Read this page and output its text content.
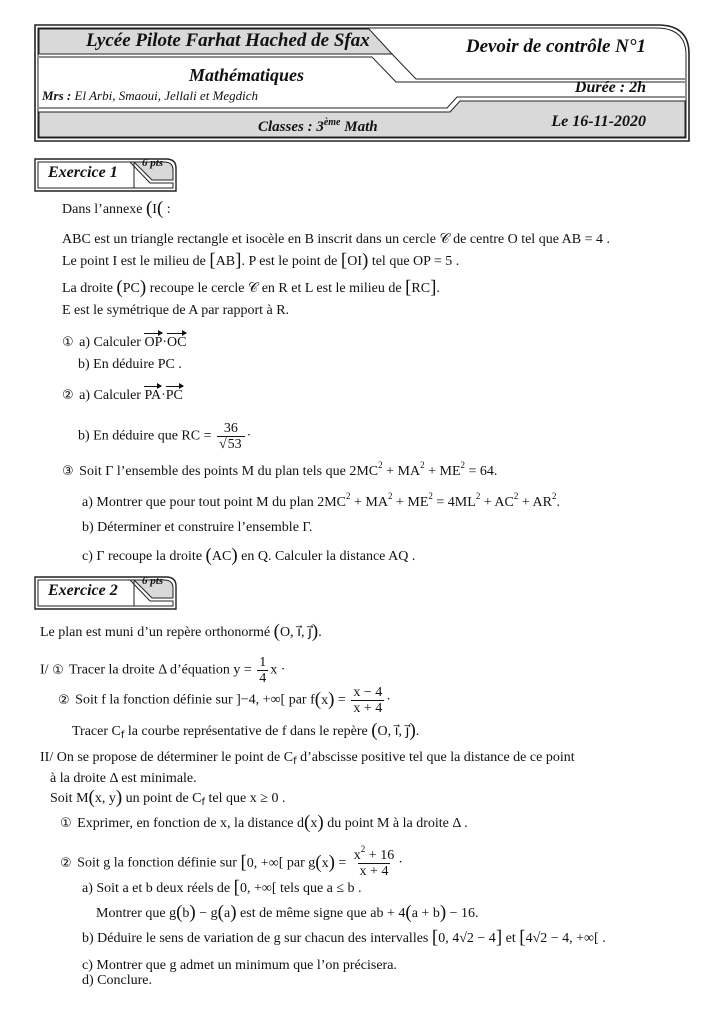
Lycée Pilote Farhat Hached de Sfax	Devoir de contrôle N°1
Mathématiques
Mrs : El Arbi, Smaoui, Jellali et Megdich	Durée : 2h
Classes : 3ème Math	Le 16-11-2020
Exercice 1
6 pts
Dans l’annexe (I( :
ABC est un triangle rectangle et isocèle en B inscrit dans un cercle 𝒞 de centre O tel que AB = 4 .
Le point I est le milieu de [AB]. P est le point de [OI) tel que OP = 5 .
La droite (PC) recoupe le cercle 𝒞 en R et L est le milieu de [RC].
E est le symétrique de A par rapport à R.
① a) Calculer OP·OC
b) En déduire PC .
② a) Calculer PA·PC
b) En déduire que RC = $\frac{36}{√53}$ ·
③ Soit Γ l’ensemble des points M du plan tels que $2MC^2 + MA^2 + ME^2 = 64$.
a) Montrer que pour tout point M du plan $2MC^2 + MA^2 + ME^2 = 4ML^2 + AC^2 + AR^2$.
b) Déterminer et construire l’ensemble Γ.
c) Γ recoupe la droite (AC) en Q. Calculer la distance AQ .
Exercice 2
6 pts
Le plan est muni d’un repère orthonormé (O, i⃗, j⃗).
I/ ① Tracer la droite Δ d’équation $y = \frac{1}{4}$ x ·
② Soit f la fonction définie sur ]−4, +∞[ par $f(x) = \frac{x - 4}{x + 4}$ ·
Tracer $C_f$ la courbe représentative de f dans le repère (O, i⃗, j⃗).
II/ On se propose de déterminer le point de $C_f$ d’abscisse positive tel que la distance de ce point
à la droite Δ est minimale.
Soit M(x, y) un point de $C_f$ tel que x ≥ 0 .
① Exprimer, en fonction de x, la distance d(x) du point M à la droite Δ .
② Soit g la fonction définie sur [0, +∞[ par $g(x) = \frac{x^2 + 16}{x + 4}$ ·
a) Soit a et b deux réels de [0, +∞[ tels que a ≤ b .
Montrer que g(b) − g(a) est de même signe que ab + 4(a + b) − 16.
b) Déduire le sens de variation de g sur chacun des intervalles [0, 4√2 − 4] et [4√2 − 4, +∞[ .
c) Montrer que g admet un minimum que l’on précisera.
d) Conclure.
